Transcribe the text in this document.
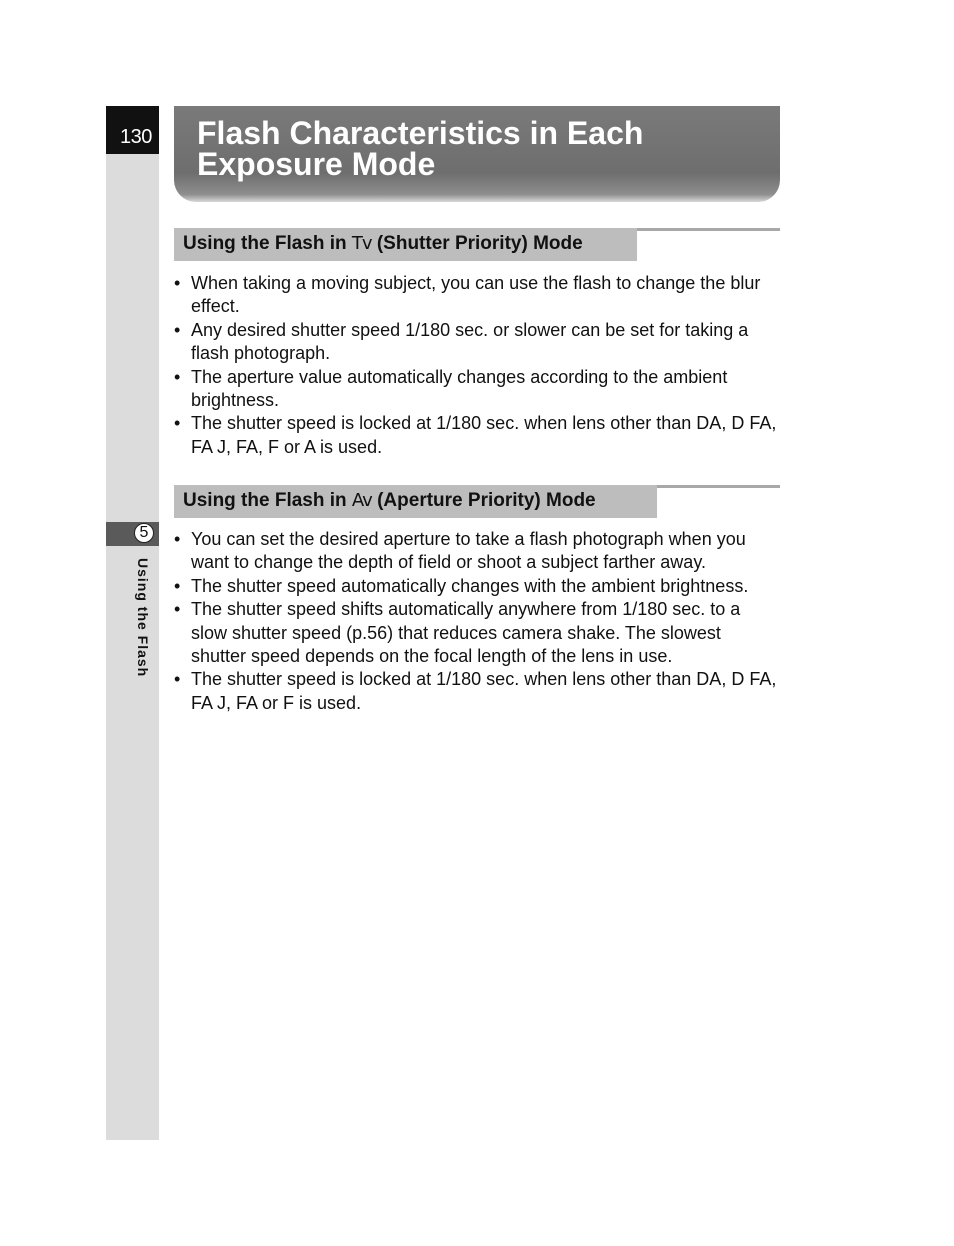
130
5
Using the Flash
Flash Characteristics in Each
Exposure Mode
Using the Flash in Tv (Shutter Priority) Mode
• When taking a moving subject, you can use the flash to change the blur effect.
• Any desired shutter speed 1/180 sec. or slower can be set for taking a flash photograph.
• The aperture value automatically changes according to the ambient brightness.
• The shutter speed is locked at 1/180 sec. when lens other than DA, D FA, FA J, FA, F or A is used.
Using the Flash in Av (Aperture Priority) Mode
• You can set the desired aperture to take a flash photograph when you want to change the depth of field or shoot a subject farther away.
• The shutter speed automatically changes with the ambient brightness.
• The shutter speed shifts automatically anywhere from 1/180 sec. to a slow shutter speed (p.56) that reduces camera shake. The slowest shutter speed depends on the focal length of the lens in use.
• The shutter speed is locked at 1/180 sec. when lens other than DA, D FA, FA J, FA or F is used.
